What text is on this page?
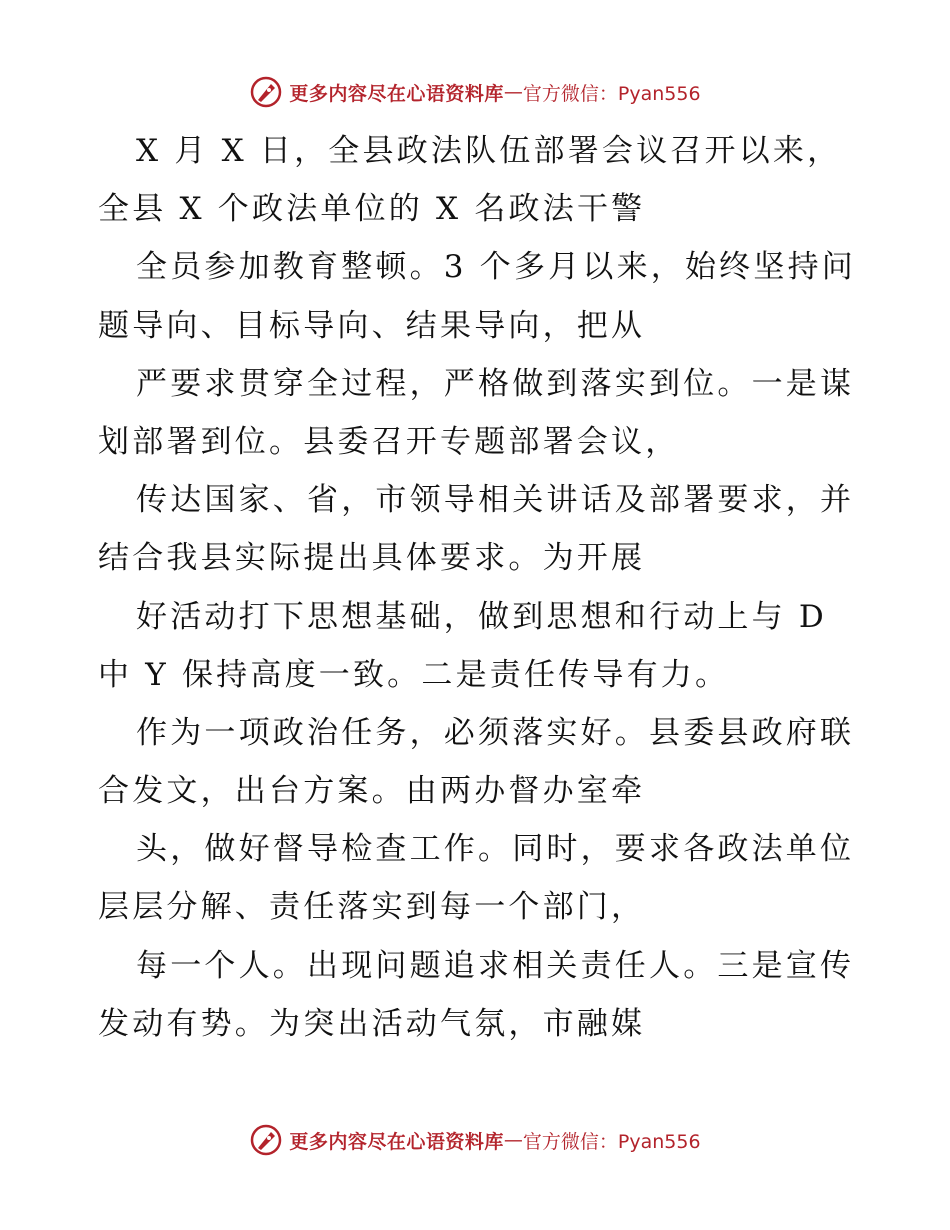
更多内容尽在心语资料库 — 官方微信：Pyan556
X 月 X 日，全县政法队伍部署会议召开以来，
全县 X 个政法单位的 X 名政法干警
全员参加教育整顿。3 个多月以来，始终坚持问
题导向、目标导向、结果导向，把从
严要求贯穿全过程，严格做到落实到位。一是谋
划部署到位。县委召开专题部署会议，
传达国家、省，市领导相关讲话及部署要求，并
结合我县实际提出具体要求。为开展
好活动打下思想基础，做到思想和行动上与 D
中 Y 保持高度一致。二是责任传导有力。
作为一项政治任务，必须落实好。县委县政府联
合发文，出台方案。由两办督办室牵
头，做好督导检查工作。同时，要求各政法单位
层层分解、责任落实到每一个部门，
每一个人。出现问题追求相关责任人。三是宣传
发动有势。为突出活动气氛，市融媒
更多内容尽在心语资料库 — 官方微信：Pyan556
